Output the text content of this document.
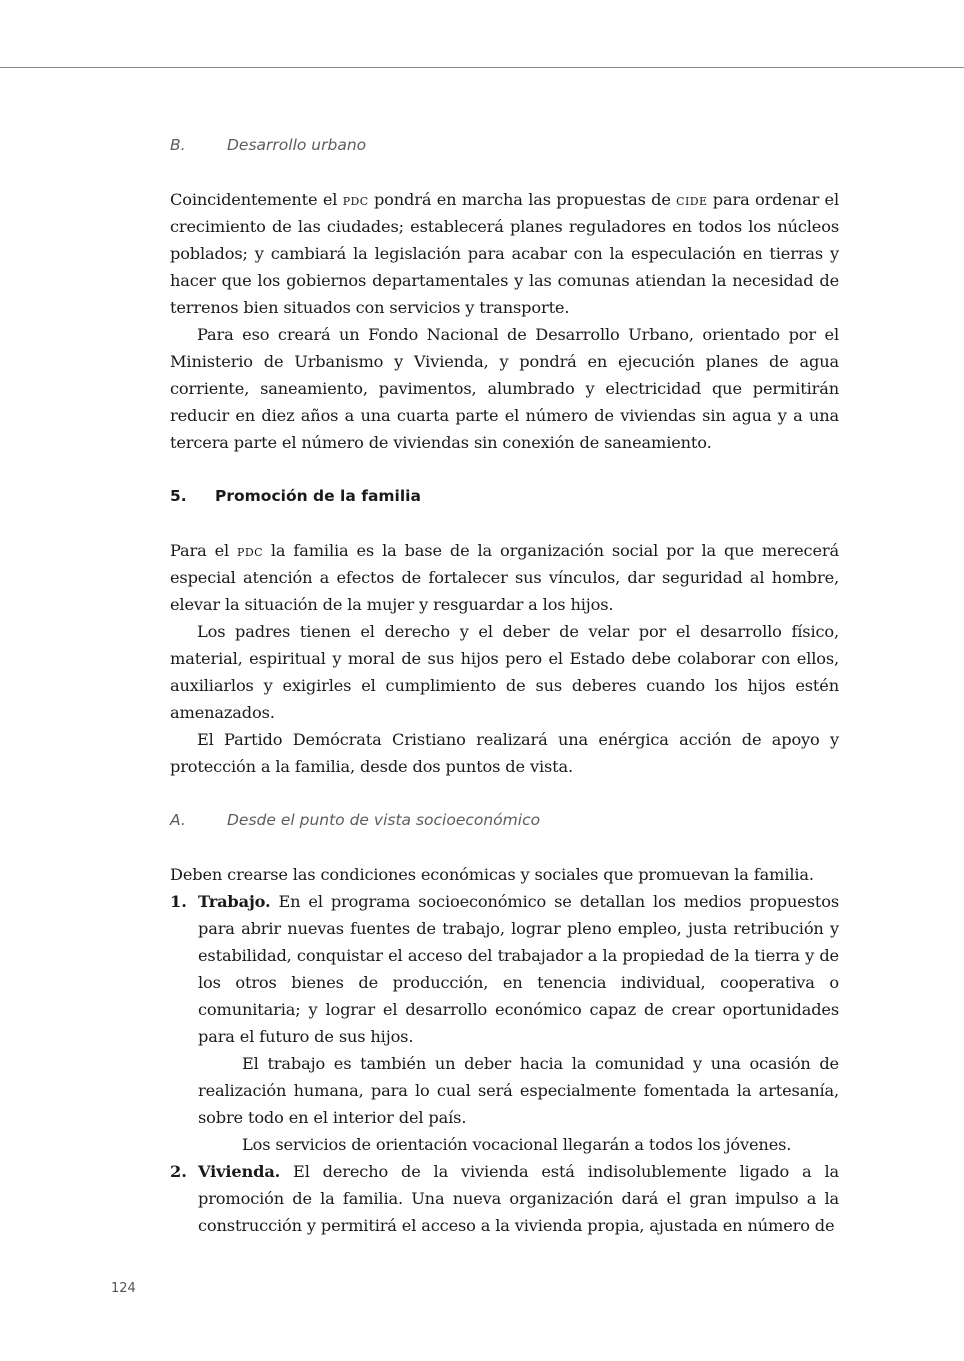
B.	Desarrollo urbano

Coincidentemente el pdc pondrá en marcha las propuestas de cide para ordenar el crecimiento de las ciudades; establecerá planes reguladores en todos los núcleos poblados; y cambiará la legislación para acabar con la especulación en tierras y hacer que los gobiernos departamentales y las comunas atiendan la necesidad de terrenos bien situados con servicios y transporte.

Para eso creará un Fondo Nacional de Desarrollo Urbano, orientado por el Ministerio de Urbanismo y Vivienda, y pondrá en ejecución planes de agua corriente, saneamiento, pavimentos, alumbrado y electricidad que permitirán reducir en diez años a una cuarta parte el número de viviendas sin agua y a una tercera parte el número de viviendas sin conexión de saneamiento.

5.	Promoción de la familia

Para el pdc la familia es la base de la organización social por la que merecerá especial atención a efectos de fortalecer sus vínculos, dar seguridad al hombre, elevar la situación de la mujer y resguardar a los hijos.

Los padres tienen el derecho y el deber de velar por el desarrollo físico, material, espiritual y moral de sus hijos pero el Estado debe colaborar con ellos, auxiliarlos y exigirles el cumplimiento de sus deberes cuando los hijos estén amenazados.

El Partido Demócrata Cristiano realizará una enérgica acción de apoyo y protección a la familia, desde dos puntos de vista.

A.	Desde el punto de vista socioeconómico

Deben crearse las condiciones económicas y sociales que promuevan la familia.

1. Trabajo. En el programa socioeconómico se detallan los medios propuestos para abrir nuevas fuentes de trabajo, lograr pleno empleo, justa retribución y estabilidad, conquistar el acceso del trabajador a la propiedad de la tierra y de los otros bienes de producción, en tenencia individual, cooperativa o comunitaria; y lograr el desarrollo económico capaz de crear oportunidades para el futuro de sus hijos.

El trabajo es también un deber hacia la comunidad y una ocasión de realización humana, para lo cual será especialmente fomentada la artesanía, sobre todo en el interior del país.

Los servicios de orientación vocacional llegarán a todos los jóvenes.

2. Vivienda. El derecho de la vivienda está indisolublemente ligado a la promoción de la familia. Una nueva organización dará el gran impulso a la construcción y permitirá el acceso a la vivienda propia, ajustada en número de

124
